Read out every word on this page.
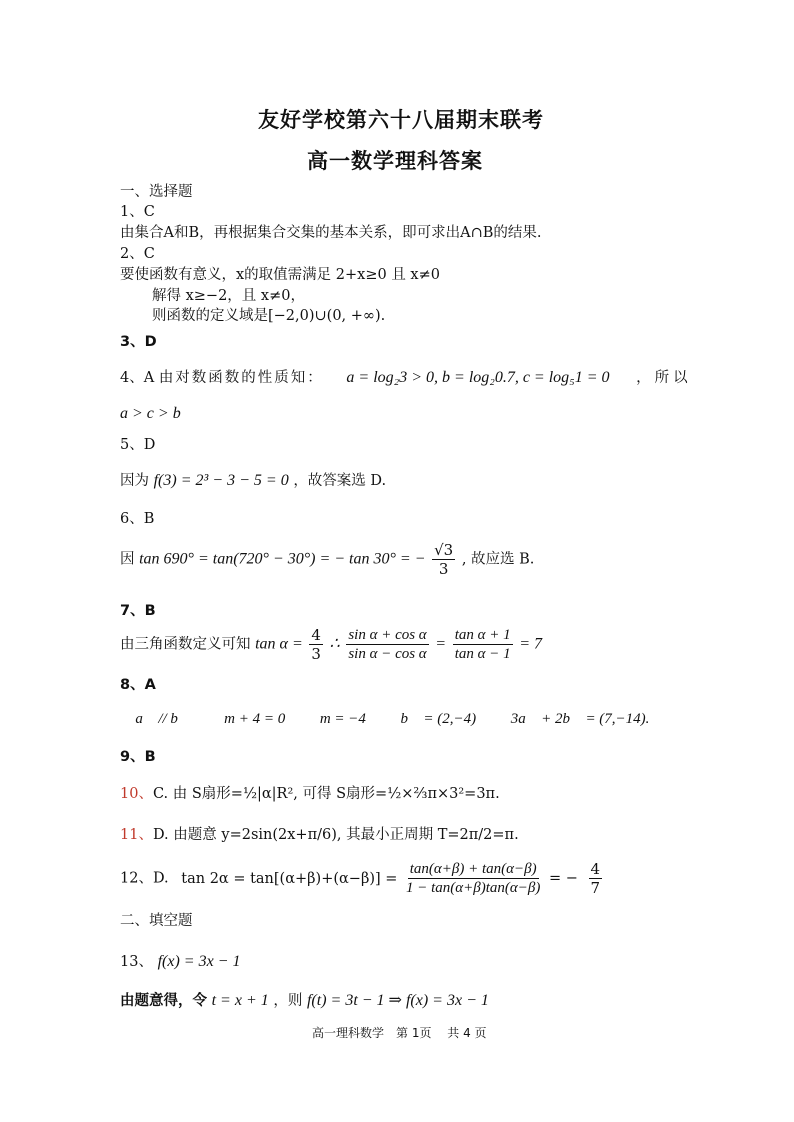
友好学校第六十八届期末联考
高一数学理科答案
一、选择题
1、C
由集合A和B，再根据集合交集的基本关系，即可求出A∩B的结果.
2、C
要使函数有意义，x的取值需满足 2+x≥0 且 x≠0
解得 x≥−2，且 x≠0，
则函数的定义域是[−2,0)∪(0, +∞).
3、D
4、A 由对数函数的性质知： a = log₂3 > 0, b = log₂0.7, c = log₅1 = 0 ，所以
a > c > b
5、D
因为 f(3) = 2³ − 3 − 5 = 0 ，故答案选 D.
6、B
因 tan 690° = tan(720° − 30°) = − tan 30° = − $\frac{√3}{3}$ , 故应选 B.
7、B
由三角函数定义可知 $\tan \alpha = \frac{4}{3}$ ∴ $\frac{\text{sin α + cos α}}{\text{sin α − cos α}} = \frac{\text{tan α + 1}}{\text{tan α − 1}} = 7$
8、A
∵ a⃗ // b⃗ ， ∴ m + 4 = 0 ， ∴ m = −4 ， ∴ b⃗ = (2,−4) ， ∴ 3a⃗ + 2b⃗ = (7,−14).
9、B
10、C. 由 S扇形=½|α|R², 可得 S扇形=½×⅔π×3²=3π.
11、D. 由题意 y=2sin(2x+π/6), 其最小正周期 T=2π/2=π.
12、D. $\tan 2\alpha = \tan[(\alpha+\beta)+(\alpha-\beta)] = \frac{\tan(\alpha+\beta) + \tan(\alpha-\beta)}{1 - \tan(\alpha+\beta)\tan(\alpha-\beta)}$ = − $\frac{4}{7}$
二、填空题
13、 f(x) = 3x − 1
由题意得，令 t = x + 1 ，则 f(t) = 3t − 1 ⇒ f(x) = 3x − 1
高一理科数学　第 1页　 共 4 页
